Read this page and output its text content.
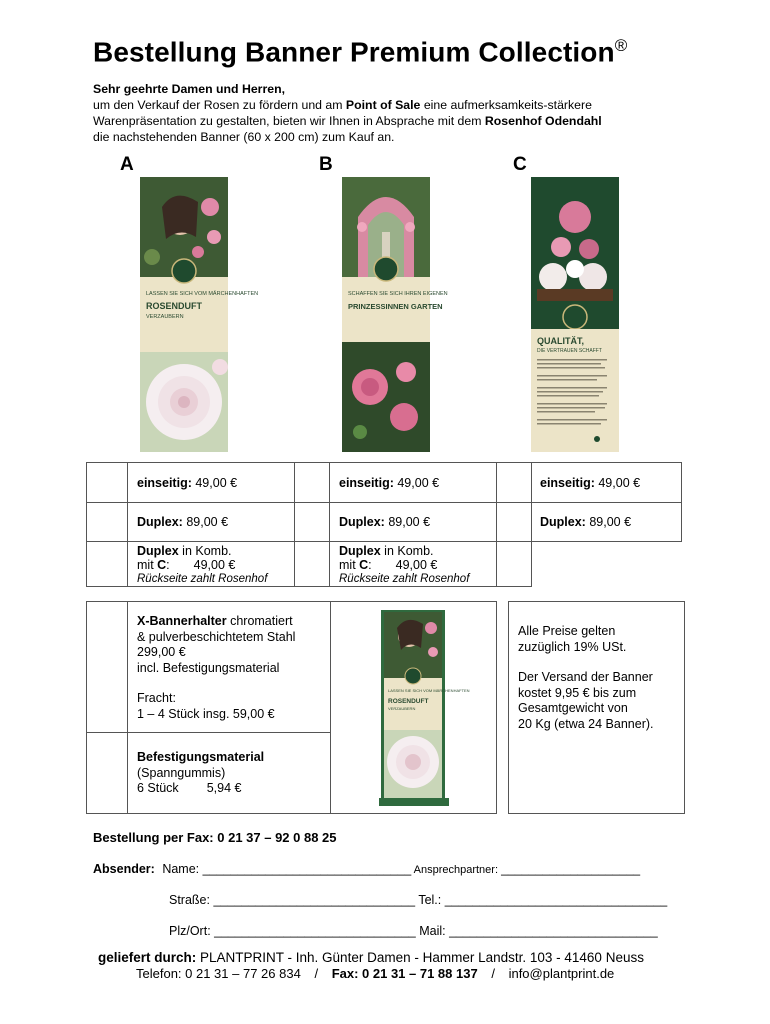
Bestellung Banner Premium Collection®
Sehr geehrte Damen und Herren,
um den Verkauf der Rosen zu fördern und am Point of Sale eine aufmerksamkeits-stärkere
Warenpräsentation zu gestalten, bieten wir Ihnen in Absprache mit dem Rosenhof Odendahl
die nachstehenden Banner (60 x 200 cm) zum Kauf an.
A	B	C
LASSEN SIE SICH VOM MÄRCHENHAFTEN
ROSENDUFT
VERZAUBERN
SCHAFFEN SIE SICH IHREN EIGENEN
PRINZESSINNEN GARTEN
QUALITÄT,
DIE VERTRAUEN SCHAFFT
einseitig: 49,00 €	einseitig: 49,00 €	einseitig: 49,00 €
Duplex: 89,00 €	Duplex: 89,00 €	Duplex: 89,00 €
Duplex in Komb.
mit C: 49,00 €
Rückseite zahlt Rosenhof
Duplex in Komb.
mit C: 49,00 €
Rückseite zahlt Rosenhof
X-Bannerhalter chromatiert
& pulverbeschichtetem Stahl
299,00 €
incl. Befestigungsmaterial
Fracht:
1 – 4 Stück insg. 59,00 €
Befestigungsmaterial
(Spanngummis)
6 Stück 5,94 €
LASSEN SIE SICH VOM MÄRCHENHAFTEN
ROSENDUFT
VERZAUBERN
Alle Preise gelten
zuzüglich 19% USt.
Der Versand der Banner
kostet 9,95 € bis zum
Gesamtgewicht von
20 Kg (etwa 24 Banner).
Bestellung per Fax: 0 21 37 – 92 0 88 25
Absender: Name: ______________________________ Ansprechpartner: ____________________
Straße: _____________________________ Tel.: ________________________________
Plz/Ort: _____________________________ Mail: ______________________________
geliefert durch: PLANTPRINT - Inh. Günter Damen - Hammer Landstr. 103 - 41460 Neuss
Telefon: 0 21 31 – 77 26 834 / Fax: 0 21 31 – 71 88 137 / info@plantprint.de
